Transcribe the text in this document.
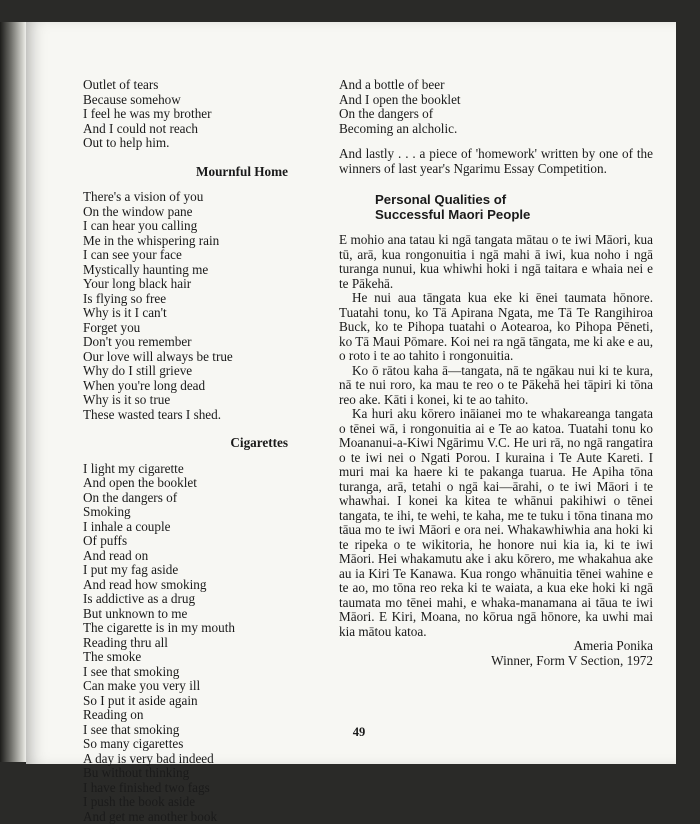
Outlet of tears
Because somehow
I feel he was my brother
And I could not reach
Out to help him.
Mournful Home
There's a vision of you
On the window pane
I can hear you calling
Me in the whispering rain
I can see your face
Mystically haunting me
Your long black hair
Is flying so free
Why is it I can't
Forget you
Don't you remember
Our love will always be true
Why do I still grieve
When you're long dead
Why is it so true
These wasted tears I shed.
Cigarettes
I light my cigarette
And open the booklet
On the dangers of
Smoking
I inhale a couple
Of puffs
And read on
I put my fag aside
And read how smoking
Is addictive as a drug
But unknown to me
The cigarette is in my mouth
Reading thru all
The smoke
I see that smoking
Can make you very ill
So I put it aside again
Reading on
I see that smoking
So many cigarettes
A day is very bad indeed
Bu without thinking
I have finished two fags
I push the book aside
And get me another book
And a bottle of beer
And I open the booklet
On the dangers of
Becoming an alcholic.

And lastly . . . a piece of 'homework' written by one of the winners of last year's Ngarimu Essay Competition.

Personal Qualities of
Successful Maori People

E mohio ana tatau ki ngā tangata mātau o te iwi Māori, kua tū, arā, kua rongonuitia i ngā mahi ā iwi, kua noho i ngā turanga nunui, kua whiwhi hoki i ngā taitara e whaia nei e te Pākehā.

He nui aua tāngata kua eke ki ēnei taumata hōnore. Tuatahi tonu, ko Tā Apirana Ngata, me Tā Te Rangihiroa Buck, ko te Pihopa tuatahi o Aotearoa, ko Pihopa Pēneti, ko Tā Maui Pōmare. Koi nei ra ngā tāngata, me ki ake e au, o roto i te ao tahito i rongonuitia.

Ko ō rātou kaha ā—tangata, nā te ngākau nui ki te kura, nā te nui roro, ka mau te reo o te Pākehā hei tāpiri ki tōna reo ake. Kāti i konei, ki te ao tahito.

Ka huri aku kōrero ināianei mo te whakareanga tangata o tēnei wā, i rongonuitia ai e Te ao katoa. Tuatahi tonu ko Moananui-a-Kiwi Ngārimu V.C. He uri rā, no ngā rangatira o te iwi nei o Ngati Porou. I kuraina i Te Aute Kareti. I muri mai ka haere ki te pakanga tuarua. He Apiha tōna turanga, arā, tetahi o ngā kai—ārahi, o te iwi Māori i te whawhai. I konei ka kitea te whānui pakihiwi o tēnei tangata, te ihi, te wehi, te kaha, me te tuku i tōna tinana mo tāua mo te iwi Māori e ora nei. Whakawhiwhia ana hoki ki te ripeka o te wikitoria, he honore nui kia ia, ki te iwi Māori. Hei whakamutu ake i aku kōrero, me whakahua ake au ia Kiri Te Kanawa. Kua rongo whānuitia tēnei wahine e te ao, mo tōna reo reka ki te waiata, a kua eke hoki ki ngā taumata mo tēnei mahi, e whaka-manamana ai tāua te iwi Māori. E Kiri, Moana, no kōrua ngā hōnore, ka uwhi mai kia mātou katoa.

Ameria Ponika
Winner, Form V Section, 1972
49
